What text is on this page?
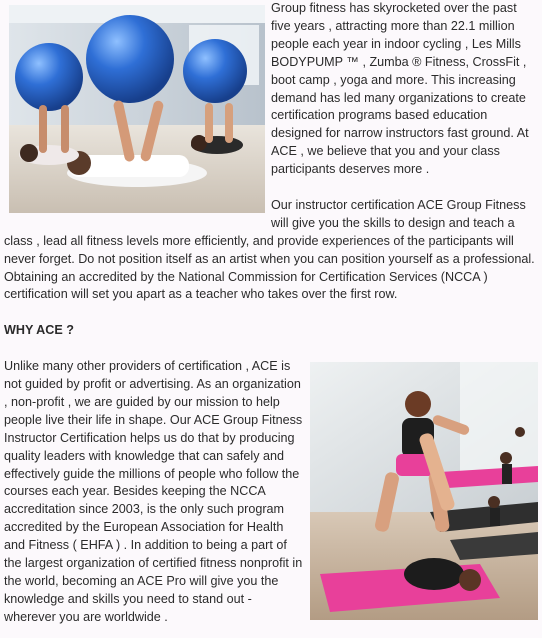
Group fitness has skyrocketed over the past five years , attracting more than 22.1 million people each year in indoor cycling , Les Mills BODYPUMP ™ , Zumba ® Fitness, CrossFit , boot camp , yoga and more. This increasing demand has led many organizations to create certification programs based education designed for narrow instructors fast ground. At ACE , we believe that you and your class participants deserves more .

Our instructor certification ACE Group Fitness will give you the skills to design and teach a class , lead all fitness levels more efficiently, and provide experiences of the participants will never forget. Do not position itself as an artist when you can position yourself as a professional. Obtaining an accredited by the National Commission for Certification Services (NCCA ) certification will set you apart as a teacher who takes over the first row.

WHY ACE ?

Unlike many other providers of certification , ACE is not guided by profit or advertising. As an organization , non-profit , we are guided by our mission to help people live their life in shape. Our ACE Group Fitness Instructor Certification helps us do that by producing quality leaders with knowledge that can safely and effectively guide the millions of people who follow the courses each year. Besides keeping the NCCA accreditation since 2003, is the only such program accredited by the European Association for Health and Fitness ( EHFA ) . In addition to being a part of the largest organization of certified fitness nonprofit in the world, becoming an ACE Pro will give you the knowledge and skills you need to stand out - wherever you are worldwide .
